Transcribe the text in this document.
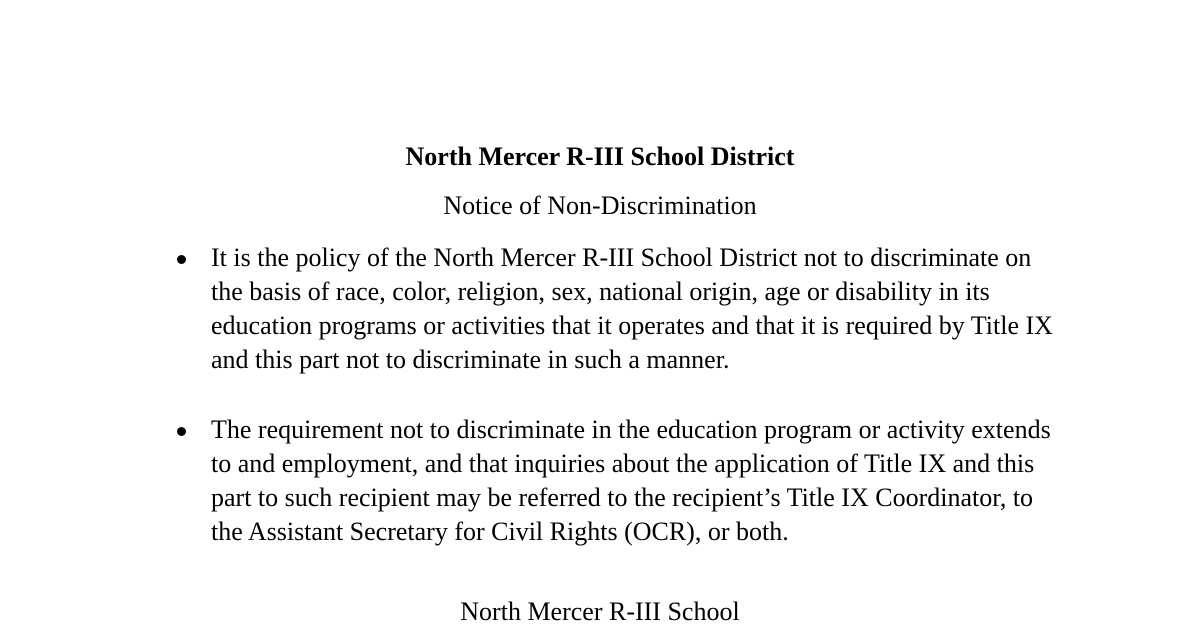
North Mercer R-III School District
Notice of Non-Discrimination
It is the policy of the North Mercer R-III School District not to discriminate on the basis of race, color, religion, sex, national origin, age or disability in its education programs or activities that it operates and that it is required by Title IX and this part not to discriminate in such a manner.
The requirement not to discriminate in the education program or activity extends to and employment, and that inquiries about the application of Title IX and this part to such recipient may be referred to the recipient’s Title IX Coordinator, to the Assistant Secretary for Civil Rights (OCR), or both.
North Mercer R-III School
